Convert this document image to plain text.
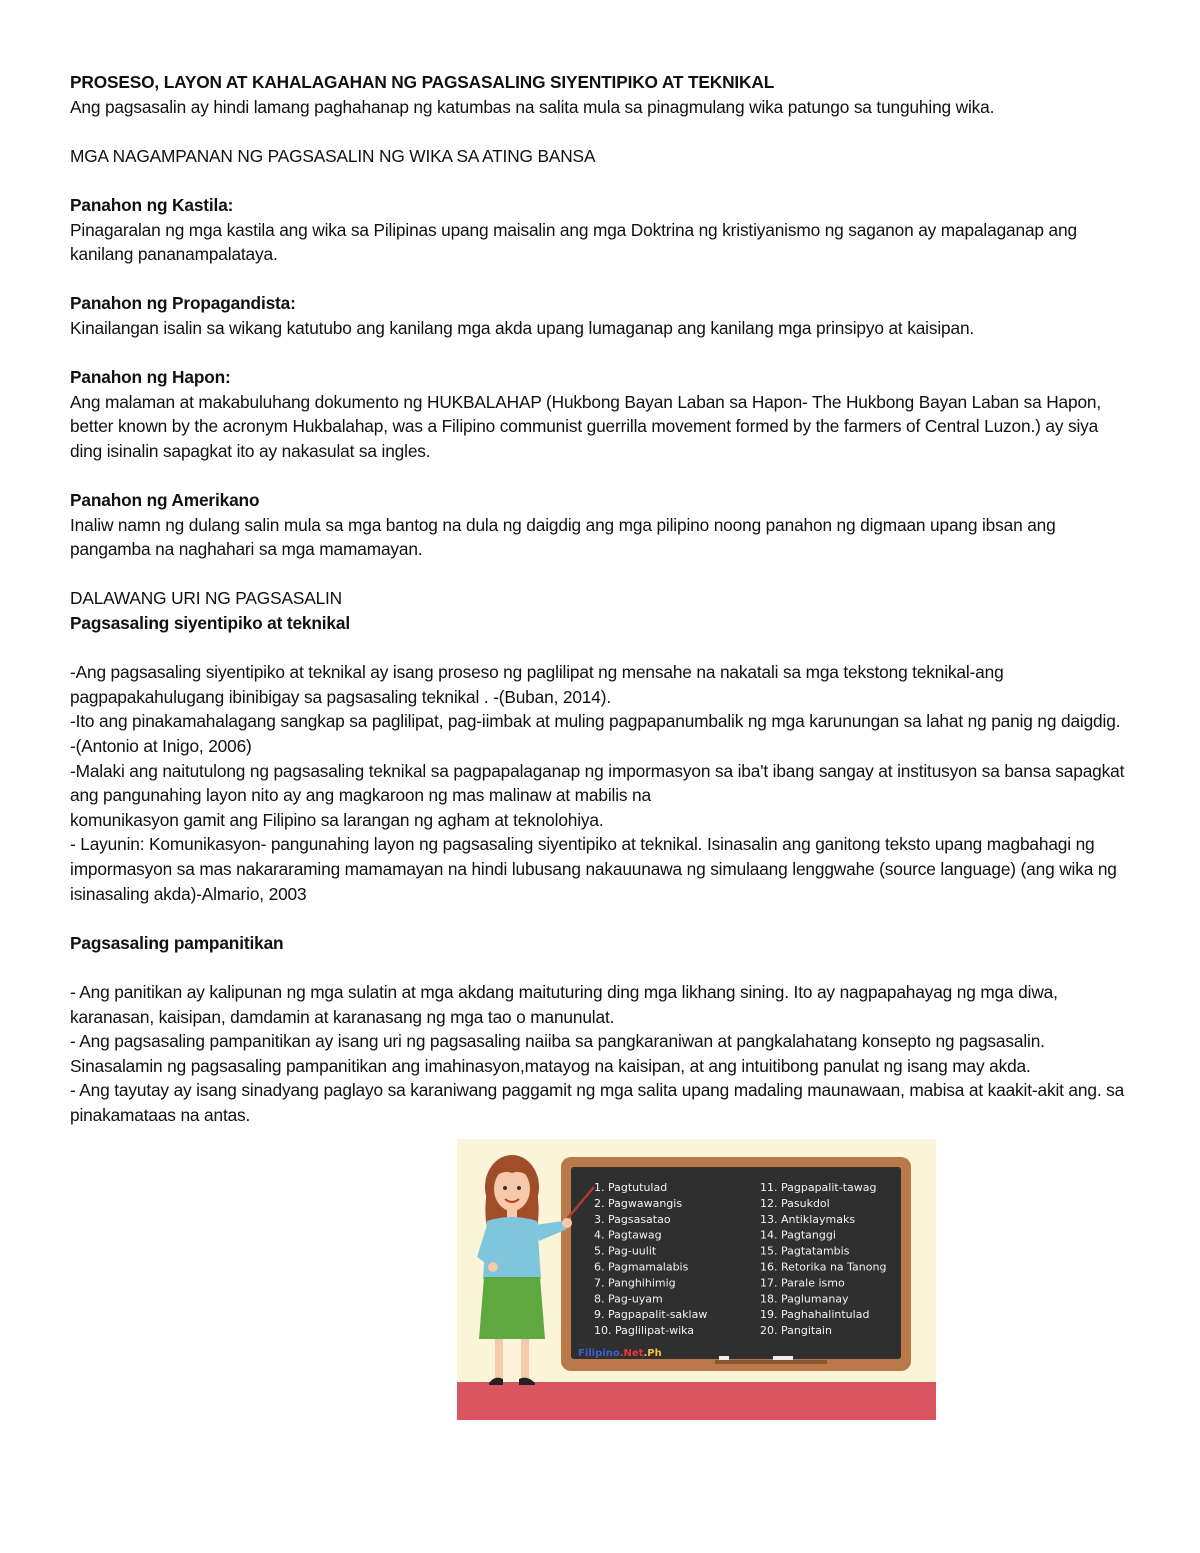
PROSESO, LAYON AT KAHALAGAHAN NG PAGSASALING SIYENTIPIKO AT TEKNIKAL

Ang pagsasalin ay hindi lamang paghahanap ng katumbas na salita mula sa pinagmulang wika patungo sa tunguhing wika.

MGA NAGAMPANAN NG PAGSASALIN NG WIKA SA ATING BANSA

Panahon ng Kastila:

Pinagaralan ng mga kastila ang wika sa Pilipinas upang maisalin ang mga Doktrina ng kristiyanismo ng saganon ay mapalaganap ang kanilang pananampalataya.

Panahon ng Propagandista:

Kinailangan isalin sa wikang katutubo ang kanilang mga akda upang lumaganap ang kanilang mga prinsipyo at kaisipan.

Panahon ng Hapon:

Ang malaman at makabuluhang dokumento ng HUKBALAHAP (Hukbong Bayan Laban sa Hapon- The Hukbong Bayan Laban sa Hapon, better known by the acronym Hukbalahap, was a Filipino communist guerrilla movement formed by the farmers of Central Luzon.) ay siya ding isinalin sapagkat ito ay nakasulat sa ingles.

Panahon ng Amerikano

Inaliw namn ng dulang salin mula sa mga bantog na dula ng daigdig ang mga pilipino noong panahon ng digmaan upang ibsan ang pangamba na naghahari sa mga mamamayan.

DALAWANG URI NG PAGSASALIN

Pagsasaling siyentipiko at teknikal

-Ang pagsasaling siyentipiko at teknikal ay isang proseso ng paglilipat ng mensahe na nakatali sa mga tekstong teknikal-ang pagpapakahulugang ibinibigay sa pagsasaling teknikal . -(Buban, 2014).

-Ito ang pinakamahalagang sangkap sa paglilipat, pag-iimbak at muling pagpapanumbalik ng mga karunungan sa lahat ng panig ng daigdig. -(Antonio at Inigo, 2006)

-Malaki ang naitutulong ng pagsasaling teknikal sa pagpapalaganap ng impormasyon sa iba't ibang sangay at institusyon sa bansa sapagkat ang pangunahing layon nito ay ang magkaroon ng mas malinaw at mabilis na

komunikasyon gamit ang Filipino sa larangan ng agham at teknolohiya.

- Layunin: Komunikasyon- pangunahing layon ng pagsasaling siyentipiko at teknikal. Isinasalin ang ganitong teksto upang magbahagi ng impormasyon sa mas nakararaming mamamayan na hindi lubusang nakauunawa ng simulaang lenggwahe (source language) (ang wika ng isinasaling akda)-Almario, 2003

Pagsasaling pampanitikan

- Ang panitikan ay kalipunan ng mga sulatin at mga akdang maituturing ding mga likhang sining. Ito ay nagpapahayag ng mga diwa, karanasan, kaisipan, damdamin at karanasang ng mga tao o manunulat.

- Ang pagsasaling pampanitikan ay isang uri ng pagsasaling naiiba sa pangkaraniwan at pangkalahatang konsepto ng pagsasalin. Sinasalamin ng pagsasaling pampanitikan ang imahinasyon,matayog na kaisipan, at ang intuitibong panulat ng isang may akda.

- Ang tayutay ay isang sinadyang paglayo sa karaniwang paggamit ng mga salita upang madaling maunawaan, mabisa at kaakit-akit ang. sa pinakamataas na antas.

1. Pagtutulad
2. Pagwawangis
3. Pagsasatao
4. Pagtawag
5. Pag-uulit
6. Pagmamalabis
7. Panghihimig
8. Pag-uyam
9. Pagpapalit-saklaw
10. Paglilipat-wika
11. Pagpapalit-tawag
12. Pasukdol
13. Antiklaymaks
14. Pagtanggi
15. Pagtatambis
16. Retorika na Tanong
17. Parale ismo
18. Paglumanay
19. Paghahalintulad
20. Pangitain
Filipino.Net.Ph
